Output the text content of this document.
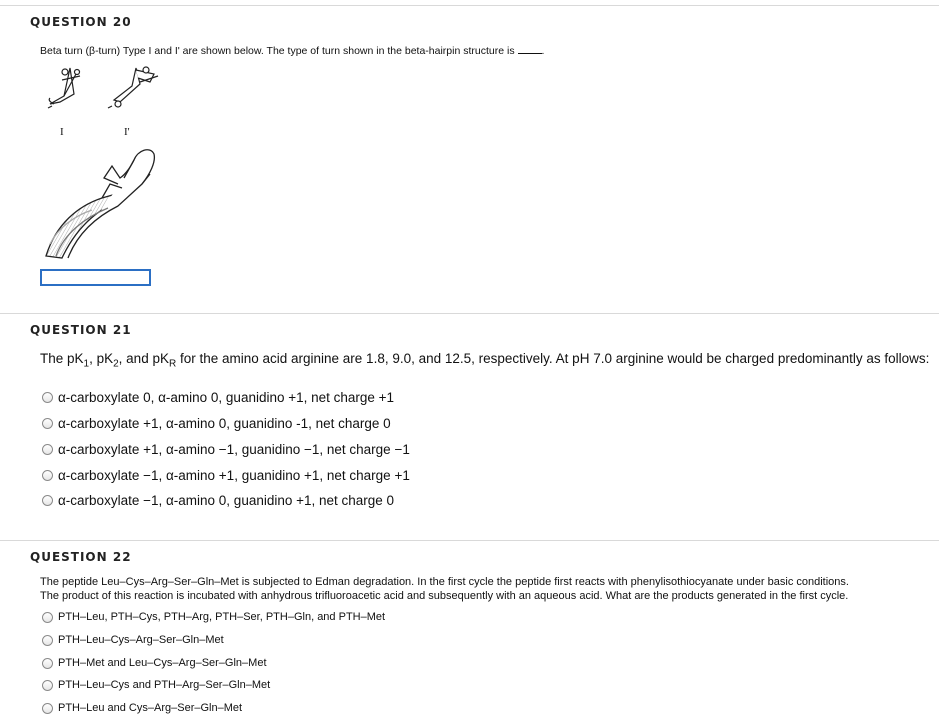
QUESTION 20
Beta turn (β-turn) Type I and I' are shown below. The type of turn shown in the beta-hairpin structure is	.
I	I'
QUESTION 21
The $pK_1$, $pK_2$, and $pK_R$ for the amino acid arginine are 1.8, 9.0, and 12.5, respectively. At pH 7.0 arginine would be charged predominantly as follows:
α-carboxylate 0, α-amino 0, guanidino +1, net charge +1
α-carboxylate +1, α-amino 0, guanidino -1, net charge 0
α-carboxylate +1, α-amino −1, guanidino −1, net charge −1
α-carboxylate −1, α-amino +1, guanidino +1, net charge +1
α-carboxylate −1, α-amino 0, guanidino +1, net charge 0
QUESTION 22
The peptide Leu–Cys–Arg–Ser–Gln–Met is subjected to Edman degradation. In the first cycle the peptide first reacts with phenylisothiocyanate under basic conditions.
The product of this reaction is incubated with anhydrous trifluoroacetic acid and subsequently with an aqueous acid. What are the products generated in the first cycle.
PTH–Leu, PTH–Cys, PTH–Arg, PTH–Ser, PTH–Gln, and PTH–Met
PTH–Leu–Cys–Arg–Ser–Gln–Met
PTH–Met and Leu–Cys–Arg–Ser–Gln–Met
PTH–Leu–Cys and PTH–Arg–Ser–Gln–Met
PTH–Leu and Cys–Arg–Ser–Gln–Met
